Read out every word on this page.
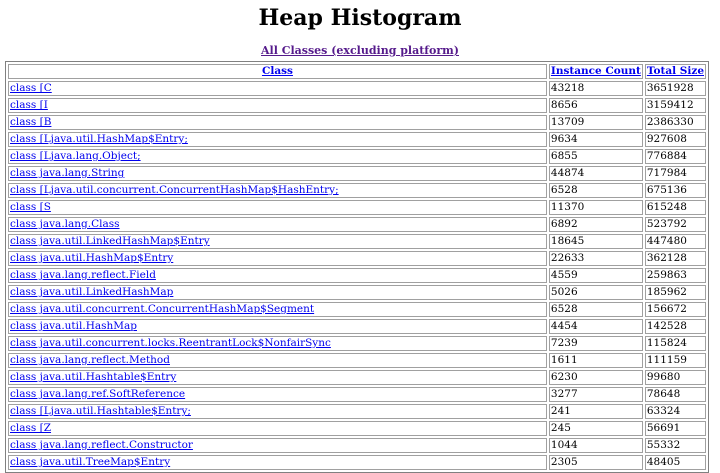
Heap Histogram
All Classes (excluding platform)
Class	Instance Count	Total Size
class [C	43218	3651928
class [I	8656	3159412
class [B	13709	2386330
class [Ljava.util.HashMap$Entry;	9634	927608
class [Ljava.lang.Object;	6855	776884
class java.lang.String	44874	717984
class [Ljava.util.concurrent.ConcurrentHashMap$HashEntry;	6528	675136
class [S	11370	615248
class java.lang.Class	6892	523792
class java.util.LinkedHashMap$Entry	18645	447480
class java.util.HashMap$Entry	22633	362128
class java.lang.reflect.Field	4559	259863
class java.util.LinkedHashMap	5026	185962
class java.util.concurrent.ConcurrentHashMap$Segment	6528	156672
class java.util.HashMap	4454	142528
class java.util.concurrent.locks.ReentrantLock$NonfairSync	7239	115824
class java.lang.reflect.Method	1611	111159
class java.util.Hashtable$Entry	6230	99680
class java.lang.ref.SoftReference	3277	78648
class [Ljava.util.Hashtable$Entry;	241	63324
class [Z	245	56691
class java.lang.reflect.Constructor	1044	55332
class java.util.TreeMap$Entry	2305	48405
